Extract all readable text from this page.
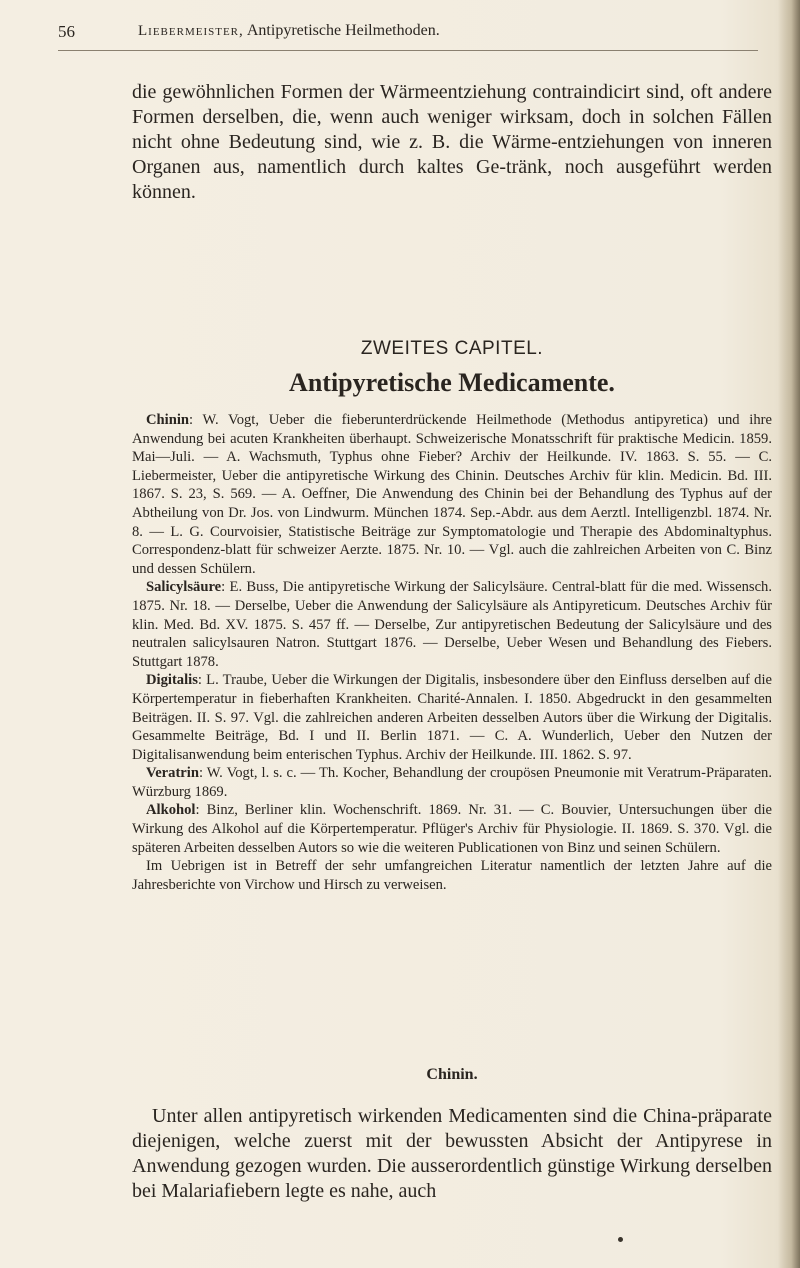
56	Liebermeister, Antipyretische Heilmethoden.

die gewöhnlichen Formen der Wärmeentziehung contraindicirt sind, oft andere Formen derselben, die, wenn auch weniger wirksam, doch in solchen Fällen nicht ohne Bedeutung sind, wie z. B. die Wärme-entziehungen von inneren Organen aus, namentlich durch kaltes Ge-tränk, noch ausgeführt werden können.

ZWEITES CAPITEL.
Antipyretische Medicamente.

Chinin: W. Vogt, Ueber die fieberunterdrückende Heilmethode (Methodus antipyretica) und ihre Anwendung bei acuten Krankheiten überhaupt. Schweizerische Monatsschrift für praktische Medicin. 1859. Mai—Juli. — A. Wachsmuth, Typhus ohne Fieber? Archiv der Heilkunde. IV. 1863. S. 55. — C. Liebermeister, Ueber die antipyretische Wirkung des Chinin. Deutsches Archiv für klin. Medicin. Bd. III. 1867. S. 23, S. 569. — A. Oeffner, Die Anwendung des Chinin bei der Behandlung des Typhus auf der Abtheilung von Dr. Jos. von Lindwurm. München 1874. Sep.-Abdr. aus dem Aerztl. Intelligenzbl. 1874. Nr. 8. — L. G. Courvoisier, Statistische Beiträge zur Symptomatologie und Therapie des Abdominaltyphus. Correspondenz-blatt für schweizer Aerzte. 1875. Nr. 10. — Vgl. auch die zahlreichen Arbeiten von C. Binz und dessen Schülern.

Salicylsäure: E. Buss, Die antipyretische Wirkung der Salicylsäure. Central-blatt für die med. Wissensch. 1875. Nr. 18. — Derselbe, Ueber die Anwendung der Salicylsäure als Antipyreticum. Deutsches Archiv für klin. Med. Bd. XV. 1875. S. 457 ff. — Derselbe, Zur antipyretischen Bedeutung der Salicylsäure und des neutralen salicylsauren Natron. Stuttgart 1876. — Derselbe, Ueber Wesen und Behandlung des Fiebers. Stuttgart 1878.

Digitalis: L. Traube, Ueber die Wirkungen der Digitalis, insbesondere über den Einfluss derselben auf die Körpertemperatur in fieberhaften Krankheiten. Charité-Annalen. I. 1850. Abgedruckt in den gesammelten Beiträgen. II. S. 97. Vgl. die zahlreichen anderen Arbeiten desselben Autors über die Wirkung der Digitalis. Gesammelte Beiträge, Bd. I und II. Berlin 1871. — C. A. Wunderlich, Ueber den Nutzen der Digitalisanwendung beim enterischen Typhus. Archiv der Heilkunde. III. 1862. S. 97.

Veratrin: W. Vogt, l. s. c. — Th. Kocher, Behandlung der croupösen Pneumonie mit Veratrum-Präparaten. Würzburg 1869.

Alkohol: Binz, Berliner klin. Wochenschrift. 1869. Nr. 31. — C. Bouvier, Untersuchungen über die Wirkung des Alkohol auf die Körpertemperatur. Pflüger's Archiv für Physiologie. II. 1869. S. 370. Vgl. die späteren Arbeiten desselben Autors so wie die weiteren Publicationen von Binz und seinen Schülern.

Im Uebrigen ist in Betreff der sehr umfangreichen Literatur namentlich der letzten Jahre auf die Jahresberichte von Virchow und Hirsch zu verweisen.

Chinin.

Unter allen antipyretisch wirkenden Medicamenten sind die China-präparate diejenigen, welche zuerst mit der bewussten Absicht der Antipyrese in Anwendung gezogen wurden. Die ausserordentlich günstige Wirkung derselben bei Malariafiebern legte es nahe, auch
